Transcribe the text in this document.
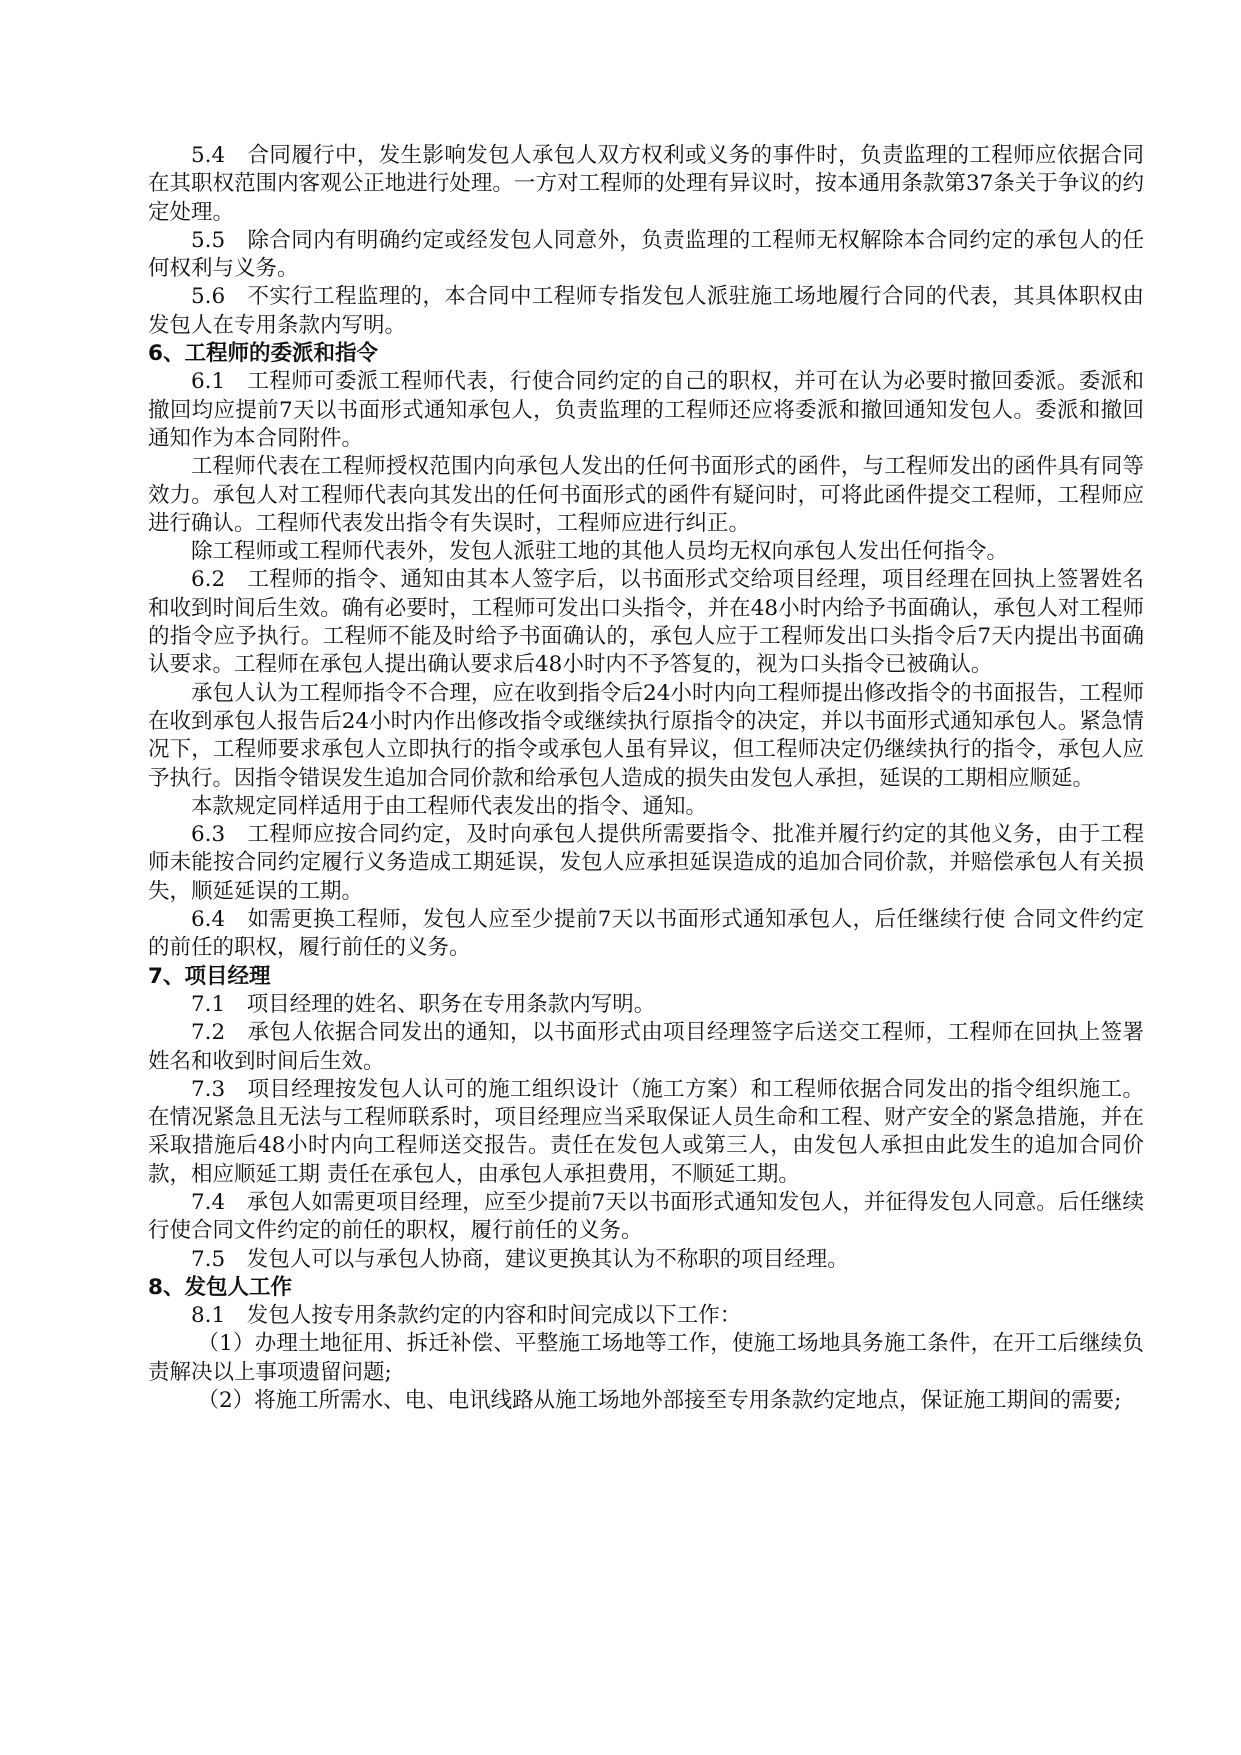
5.4　合同履行中，发生影响发包人承包人双方权利或义务的事件时，负责监理的工程师应依据合同在其职权范围内客观公正地进行处理。一方对工程师的处理有异议时，按本通用条款第37条关于争议的约定处理。

5.5　除合同内有明确约定或经发包人同意外，负责监理的工程师无权解除本合同约定的承包人的任何权利与义务。

5.6　不实行工程监理的，本合同中工程师专指发包人派驻施工场地履行合同的代表，其具体职权由发包人在专用条款内写明。

6、工程师的委派和指令

6.1　工程师可委派工程师代表，行使合同约定的自己的职权，并可在认为必要时撤回委派。委派和撤回均应提前7天以书面形式通知承包人，负责监理的工程师还应将委派和撤回通知发包人。委派和撤回通知作为本合同附件。

工程师代表在工程师授权范围内向承包人发出的任何书面形式的函件，与工程师发出的函件具有同等效力。承包人对工程师代表向其发出的任何书面形式的函件有疑问时，可将此函件提交工程师，工程师应进行确认。工程师代表发出指令有失误时，工程师应进行纠正。

除工程师或工程师代表外，发包人派驻工地的其他人员均无权向承包人发出任何指令。

6.2　工程师的指令、通知由其本人签字后，以书面形式交给项目经理，项目经理在回执上签署姓名和收到时间后生效。确有必要时，工程师可发出口头指令，并在48小时内给予书面确认，承包人对工程师的指令应予执行。工程师不能及时给予书面确认的，承包人应于工程师发出口头指令后7天内提出书面确认要求。工程师在承包人提出确认要求后48小时内不予答复的，视为口头指令已被确认。

承包人认为工程师指令不合理，应在收到指令后24小时内向工程师提出修改指令的书面报告，工程师在收到承包人报告后24小时内作出修改指令或继续执行原指令的决定，并以书面形式通知承包人。紧急情况下，工程师要求承包人立即执行的指令或承包人虽有异议，但工程师决定仍继续执行的指令，承包人应予执行。因指令错误发生追加合同价款和给承包人造成的损失由发包人承担，延误的工期相应顺延。

本款规定同样适用于由工程师代表发出的指令、通知。

6.3　工程师应按合同约定，及时向承包人提供所需要指令、批准并履行约定的其他义务，由于工程师未能按合同约定履行义务造成工期延误，发包人应承担延误造成的追加合同价款，并赔偿承包人有关损失，顺延延误的工期。

6.4　如需更换工程师，发包人应至少提前7天以书面形式通知承包人，后任继续行使 合同文件约定的前任的职权，履行前任的义务。

7、项目经理

7.1　项目经理的姓名、职务在专用条款内写明。

7.2　承包人依据合同发出的通知，以书面形式由项目经理签字后送交工程师，工程师在回执上签署姓名和收到时间后生效。

7.3　项目经理按发包人认可的施工组织设计（施工方案）和工程师依据合同发出的指令组织施工。在情况紧急且无法与工程师联系时，项目经理应当采取保证人员生命和工程、财产安全的紧急措施，并在采取措施后48小时内向工程师送交报告。责任在发包人或第三人，由发包人承担由此发生的追加合同价款，相应顺延工期 责任在承包人，由承包人承担费用，不顺延工期。

7.4　承包人如需更项目经理，应至少提前7天以书面形式通知发包人，并征得发包人同意。后任继续行使合同文件约定的前任的职权，履行前任的义务。

7.5　发包人可以与承包人协商，建议更换其认为不称职的项目经理。

8、发包人工作

8.1　发包人按专用条款约定的内容和时间完成以下工作：

（1）办理土地征用、拆迁补偿、平整施工场地等工作，使施工场地具务施工条件，在开工后继续负责解决以上事项遗留问题;

（2）将施工所需水、电、电讯线路从施工场地外部接至专用条款约定地点，保证施工期间的需要;
